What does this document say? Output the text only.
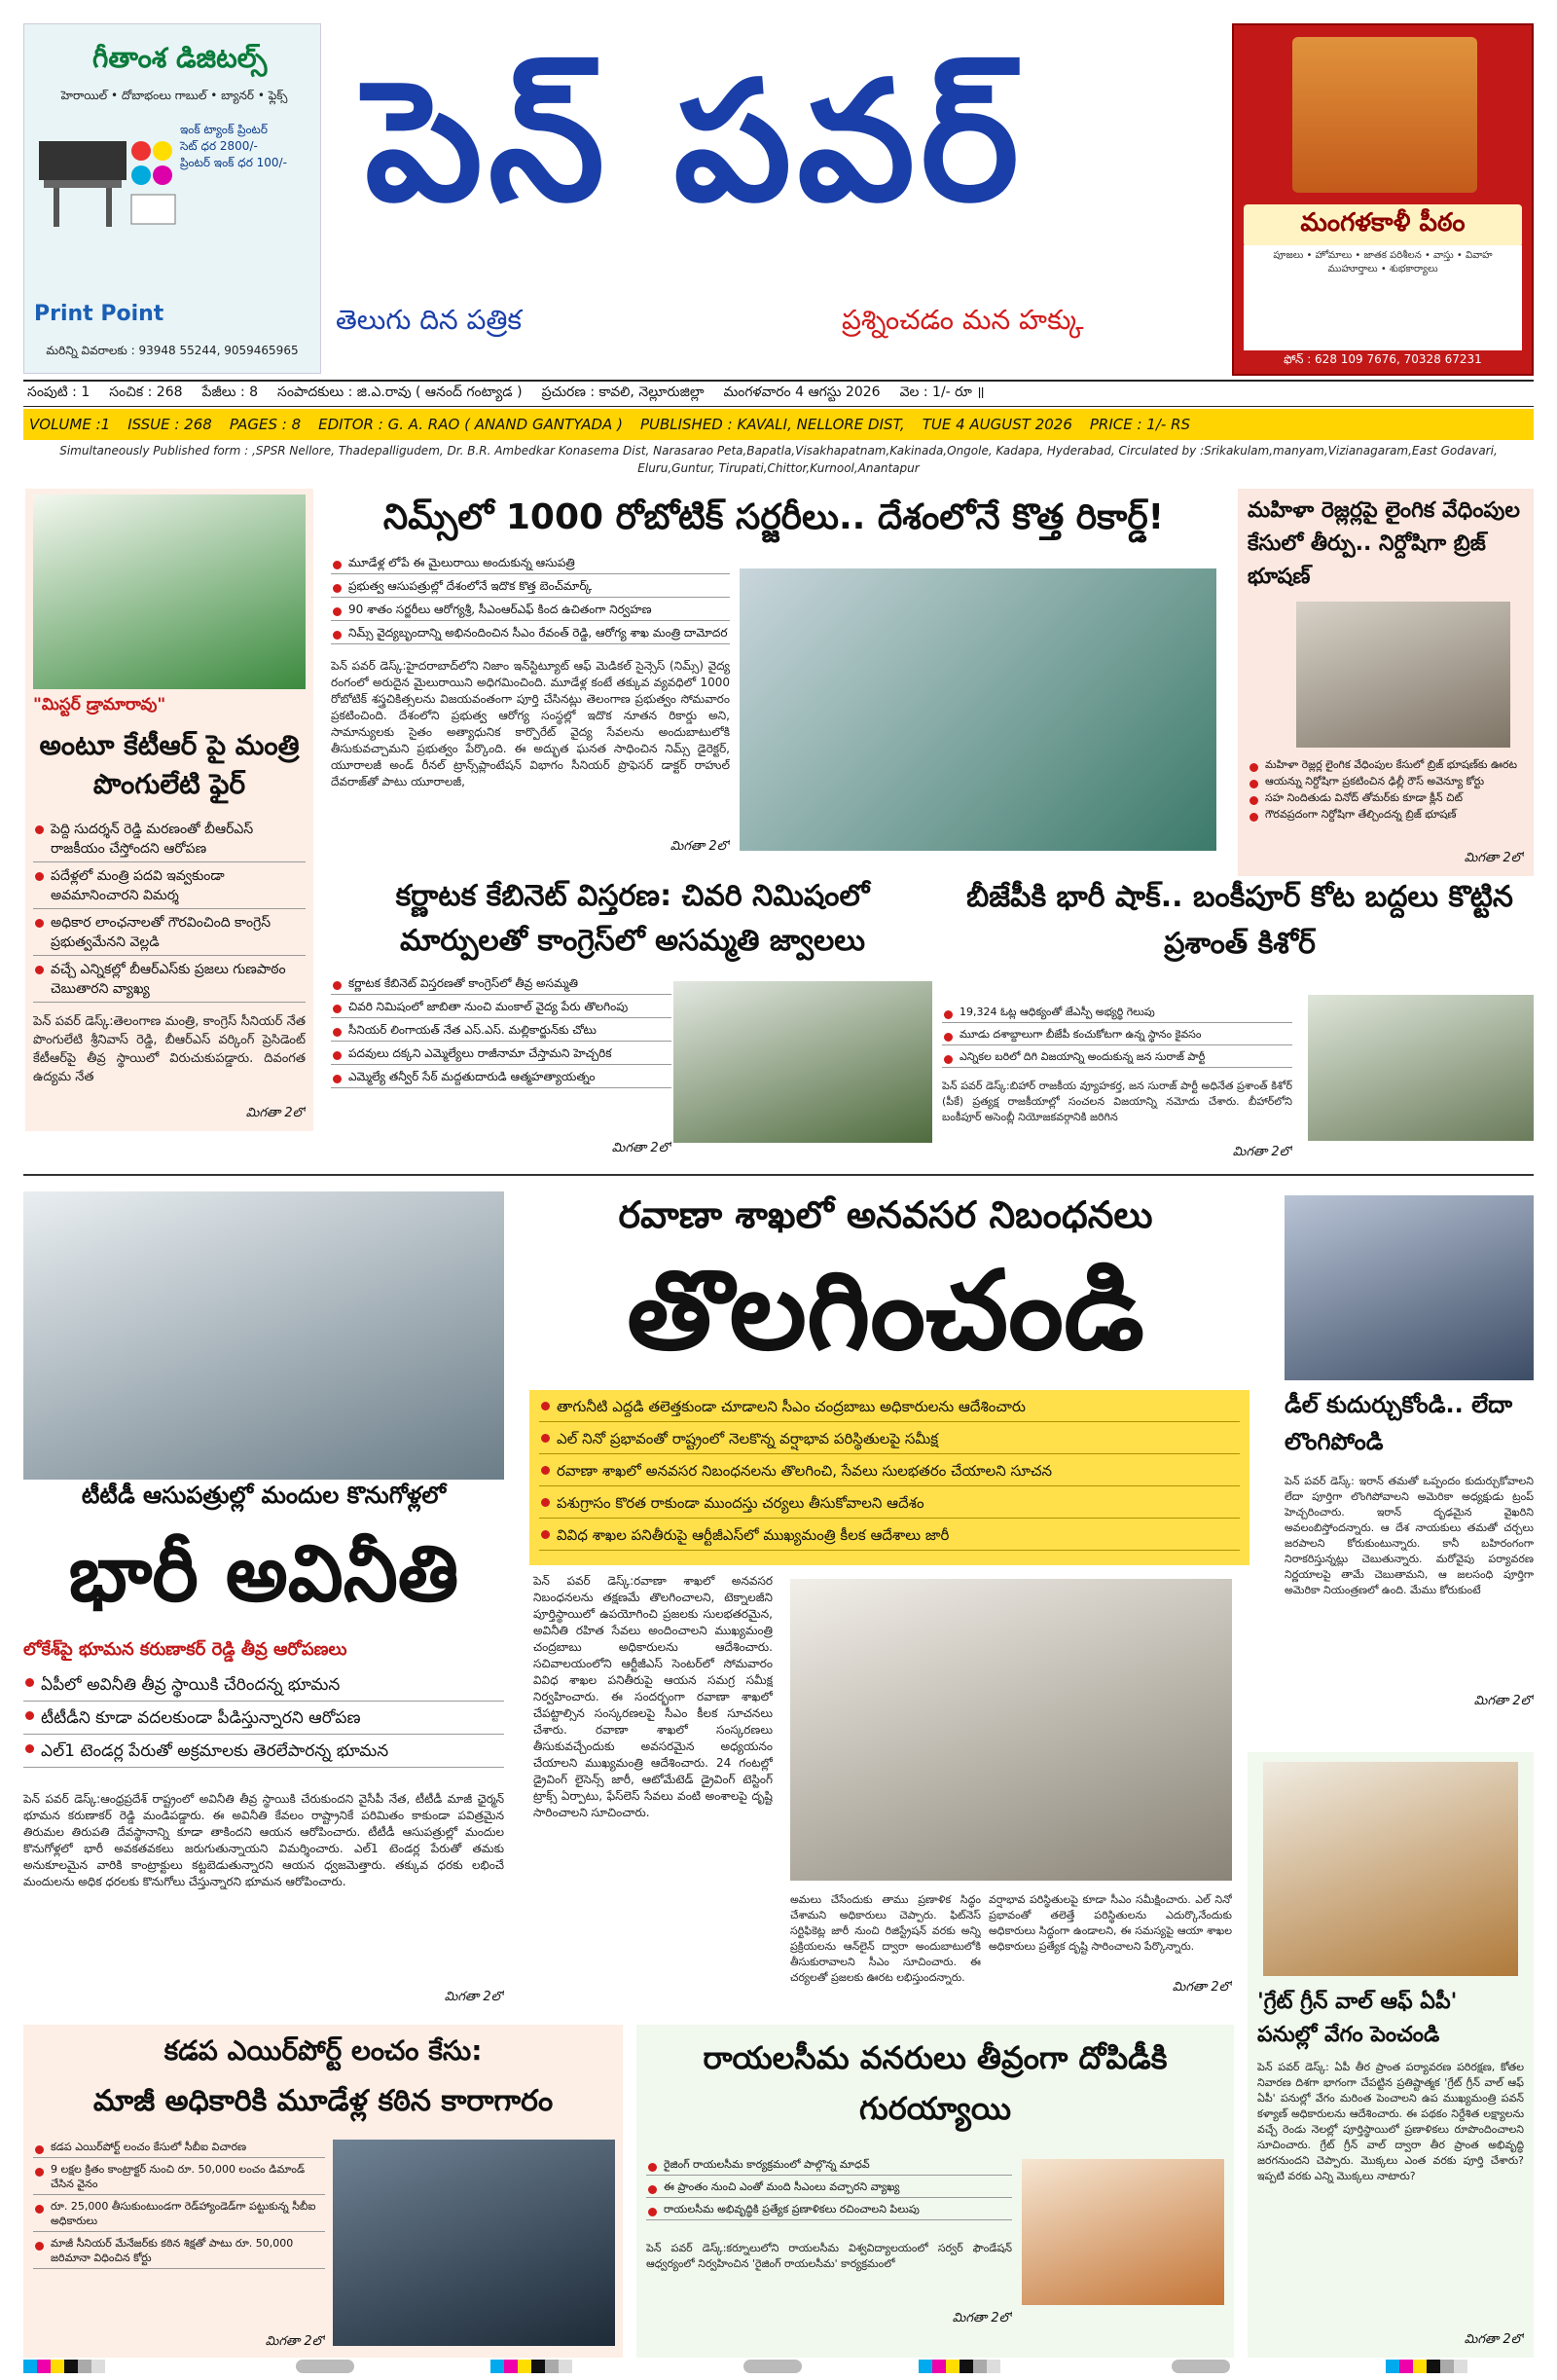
గీతాంశ డిజిటల్స్
హెరాయిల్ • దోబాభంలు గాబుల్ • బ్యానర్ • ఫ్లెక్స్
ఇంక్ ట్యాంక్ ప్రింటర్
సెట్ ధర 2800/-
ప్రింటర్ ఇంక్ ధర 100/-
Print Point
మరిన్ని వివరాలకు : 93948 55244, 9059465965
పెన్ పవర్
తెలుగు దిన పత్రిక	ప్రశ్నించడం మన హక్కు
మంగళకాళీ పీఠం
పూజలు • హోమాలు • జాతక పరిశీలన • వాస్తు • వివాహ ముహూర్తాలు • శుభకార్యాలు
ఫోన్ : 628 109 7676, 70328 67231
సంపుటి : 1 సంచిక : 268 పేజీలు : 8 సంపాదకులు : జి.ఎ.రావు ( ఆనంద్ గంట్యాడ ) ప్రచురణ : కావలి, నెల్లూరుజిల్లా మంగళవారం 4 ఆగస్టు 2026 వెల : 1/- రూ ॥
VOLUME :1 ISSUE : 268 PAGES : 8 EDITOR : G. A. RAO ( ANAND GANTYADA ) PUBLISHED : KAVALI, NELLORE DIST, TUE 4 AUGUST 2026 PRICE : 1/- RS
Simultaneously Published form : ,SPSR Nellore, Thadepalligudem, Dr. B.R. Ambedkar Konasema Dist, Narasarao Peta,Bapatla,Visakhapatnam,Kakinada,Ongole, Kadapa, Hyderabad, Circulated by :Srikakulam,manyam,Vizianagaram,East Godavari, Eluru,Guntur, Tirupati,Chittor,Kurnool,Anantapur
"మిస్టర్ డ్రామారావు"
అంటూ కేటీఆర్ పై మంత్రి పొంగులేటి ఫైర్
పెద్ది సుదర్శన్ రెడ్డి మరణంతో బీఆర్ఎస్ రాజకీయం చేస్తోందని ఆరోపణ
పదేళ్లలో మంత్రి పదవి ఇవ్వకుండా అవమానించారని విమర్శ
అధికార లాంఛనాలతో గౌరవించింది కాంగ్రెస్ ప్రభుత్వమేనని వెల్లడి
వచ్చే ఎన్నికల్లో బీఆర్ఎస్‌కు ప్రజలు గుణపాఠం చెబుతారని వ్యాఖ్య
పెన్ పవర్ డెస్క్:తెలంగాణ మంత్రి, కాంగ్రెస్ సీనియర్ నేత పొంగులేటి శ్రీనివాస్ రెడ్డి, బీఆర్ఎస్ వర్కింగ్ ప్రెసిడెంట్ కేటీఆర్‌పై తీవ్ర స్థాయిలో విరుచుకుపడ్డారు. దివంగత ఉద్యమ నేత
మిగతా 2లో
నిమ్స్‌లో 1000 రోబోటిక్ సర్జరీలు.. దేశంలోనే కొత్త రికార్డ్!
మూడేళ్ల లోపే ఈ మైలురాయి అందుకున్న ఆసుపత్రి
ప్రభుత్వ ఆసుపత్రుల్లో దేశంలోనే ఇదొక కొత్త బెంచ్‌మార్క్
90 శాతం సర్జరీలు ఆరోగ్యశ్రీ, సీఎంఆర్ఎఫ్ కింద ఉచితంగా నిర్వహణ
నిమ్స్ వైద్యబృందాన్ని అభినందించిన సీఎం రేవంత్ రెడ్డి, ఆరోగ్య శాఖ మంత్రి దామోదర
పెన్ పవర్ డెస్క్:హైదరాబాద్‌లోని నిజాం ఇన్‌స్టిట్యూట్ ఆఫ్ మెడికల్ సైన్సెస్ (నిమ్స్) వైద్య రంగంలో అరుదైన మైలురాయిని అధిగమించింది. మూడేళ్ల కంటే తక్కువ వ్యవధిలో 1000 రోబోటిక్ శస్త్రచికిత్సలను విజయవంతంగా పూర్తి చేసినట్లు తెలంగాణ ప్రభుత్వం సోమవారం ప్రకటించింది. దేశంలోని ప్రభుత్వ ఆరోగ్య సంస్థల్లో ఇదొక నూతన రికార్డు అని, సామాన్యులకు సైతం అత్యాధునిక కార్పొరేట్ వైద్య సేవలను అందుబాటులోకి తీసుకువచ్చామని ప్రభుత్వం పేర్కొంది. ఈ అద్భుత ఘనత సాధించిన నిమ్స్ డైరెక్టర్, యూరాలజీ అండ్ రీనల్ ట్రాన్స్‌ప్లాంటేషన్ విభాగం సీనియర్ ప్రొఫెసర్ డాక్టర్ రాహుల్ దేవరాజ్‌తో పాటు యూరాలజీ,
మిగతా 2లో
మహిళా రెజ్లర్లపై లైంగిక వేధింపుల కేసులో తీర్పు.. నిర్దోషిగా బ్రిజ్ భూషణ్
మహిళా రెజ్లర్ల లైంగిక వేధింపుల కేసులో బ్రిజ్ భూషణ్‌కు ఊరట
ఆయన్ను నిర్దోషిగా ప్రకటించిన ఢిల్లీ రౌస్ అవెన్యూ కోర్టు
సహ నిందితుడు వినోద్ తోమర్‌కు కూడా క్లీన్ చిట్
గౌరవప్రదంగా నిర్దోషిగా తేల్చిందన్న బ్రిజ్ భూషణ్
మిగతా 2లో
కర్ణాటక కేబినెట్ విస్తరణ: చివరి నిమిషంలో మార్పులతో కాంగ్రెస్‌లో అసమ్మతి జ్వాలలు
కర్ణాటక కేబినెట్ విస్తరణతో కాంగ్రెస్‌లో తీవ్ర అసమ్మతి
చివరి నిమిషంలో జాబితా నుంచి మంకాల్ వైద్య పేరు తొలగింపు
సీనియర్ లింగాయత్ నేత ఎస్.ఎస్. మల్లికార్జున్‌కు చోటు
పదవులు దక్కని ఎమ్మెల్యేలు రాజీనామా చేస్తామని హెచ్చరిక
ఎమ్మెల్యే తన్వీర్ సేఠ్ మద్దతుదారుడి ఆత్మహత్యాయత్నం
మిగతా 2లో
బీజేపీకి భారీ షాక్.. బంకీపూర్ కోట బద్దలు కొట్టిన ప్రశాంత్ కిశోర్
19,324 ఓట్ల ఆధిక్యంతో జేఎస్పీ అభ్యర్థి గెలుపు
మూడు దశాబ్దాలుగా బీజేపీ కంచుకోటగా ఉన్న స్థానం కైవసం
ఎన్నికల బరిలో దిగి విజయాన్ని అందుకున్న జన సురాజ్ పార్టీ
పెన్ పవర్ డెస్క్:బిహార్ రాజకీయ వ్యూహకర్త, జన సురాజ్ పార్టీ అధినేత ప్రశాంత్ కిశోర్ (పీకే) ప్రత్యక్ష రాజకీయాల్లో సంచలన విజయాన్ని నమోదు చేశారు. బీహార్‌లోని బంకీపూర్ అసెంబ్లీ నియోజకవర్గానికి జరిగిన
మిగతా 2లో
టీటీడీ ఆసుపత్రుల్లో మందుల కొనుగోళ్లలో
భారీ అవినీతి
లోకేశ్‌పై భూమన కరుణాకర్ రెడ్డి తీవ్ర ఆరోపణలు
ఏపీలో అవినీతి తీవ్ర స్థాయికి చేరిందన్న భూమన
టీటీడీని కూడా వదలకుండా పీడిస్తున్నారని ఆరోపణ
ఎల్1 టెండర్ల పేరుతో అక్రమాలకు తెరలేపారన్న భూమన
పెన్ పవర్ డెస్క్:ఆంధ్రప్రదేశ్ రాష్ట్రంలో అవినీతి తీవ్ర స్థాయికి చేరుకుందని వైసీపీ నేత, టీటీడీ మాజీ ఛైర్మన్ భూమన కరుణాకర్ రెడ్డి మండిపడ్డారు. ఈ అవినీతి కేవలం రాష్ట్రానికే పరిమితం కాకుండా పవిత్రమైన తిరుమల తిరుపతి దేవస్థానాన్ని కూడా తాకిందని ఆయన ఆరోపించారు. టీటీడీ ఆసుపత్రుల్లో మందుల కొనుగోళ్లలో భారీ అవకతవకలు జరుగుతున్నాయని విమర్శించారు. ఎల్1 టెండర్ల పేరుతో తమకు అనుకూలమైన వారికి కాంట్రాక్టులు కట్టబెడుతున్నారని ఆయన ధ్వజమెత్తారు. తక్కువ ధరకు లభించే మందులను అధిక ధరలకు కొనుగోలు చేస్తున్నారని భూమన ఆరోపించారు.
మిగతా 2లో
రవాణా శాఖలో అనవసర నిబంధనలు
తొలగించండి
తాగునీటి ఎద్దడి తలెత్తకుండా చూడాలని సీఎం చంద్రబాబు అధికారులను ఆదేశించారు
ఎల్ నినో ప్రభావంతో రాష్ట్రంలో నెలకొన్న వర్షాభావ పరిస్థితులపై సమీక్ష
రవాణా శాఖలో అనవసర నిబంధనలను తొలగించి, సేవలు సులభతరం చేయాలని సూచన
పశుగ్రాసం కొరత రాకుండా ముందస్తు చర్యలు తీసుకోవాలని ఆదేశం
వివిధ శాఖల పనితీరుపై ఆర్టీజీఎస్‌లో ముఖ్యమంత్రి కీలక ఆదేశాలు జారీ
పెన్ పవర్ డెస్క్:రవాణా శాఖలో అనవసర నిబంధనలను తక్షణమే తొలగించాలని, టెక్నాలజీని పూర్తిస్థాయిలో ఉపయోగించి ప్రజలకు సులభతరమైన, అవినీతి రహిత సేవలు అందించాలని ముఖ్యమంత్రి చంద్రబాబు అధికారులను ఆదేశించారు. సచివాలయంలోని ఆర్టీజీఎస్ సెంటర్‌లో సోమవారం వివిధ శాఖల పనితీరుపై ఆయన సమగ్ర సమీక్ష నిర్వహించారు. ఈ సందర్భంగా రవాణా శాఖలో చేపట్టాల్సిన సంస్కరణలపై సీఎం కీలక సూచనలు చేశారు. రవాణా శాఖలో సంస్కరణలు తీసుకువచ్చేందుకు అవసరమైన అధ్యయనం చేయాలని ముఖ్యమంత్రి ఆదేశించారు. 24 గంటల్లో డ్రైవింగ్ లైసెన్స్ జారీ, ఆటోమేటెడ్ డ్రైవింగ్ టెస్టింగ్ ట్రాక్స్ ఏర్పాటు, ఫేస్‌లెస్ సేవలు వంటి అంశాలపై దృష్టి సారించాలని సూచించారు.
అమలు చేసేందుకు తాము ప్రణాళిక సిద్ధం చేశామని అధికారులు చెప్పారు. ఫిట్‌నెస్ సర్టిఫికెట్ల జారీ నుంచి రిజిస్ట్రేషన్ వరకు అన్ని ప్రక్రియలను ఆన్‌లైన్ ద్వారా అందుబాటులోకి తీసుకురావాలని సీఎం సూచించారు. ఈ చర్యలతో ప్రజలకు ఊరట లభిస్తుందన్నారు.
వర్షాభావ పరిస్థితులపై కూడా సీఎం సమీక్షించారు. ఎల్ నినో ప్రభావంతో తలెత్తే పరిస్థితులను ఎదుర్కొనేందుకు అధికారులు సిద్ధంగా ఉండాలని, ఈ సమస్యపై ఆయా శాఖల అధికారులు ప్రత్యేక దృష్టి సారించాలని పేర్కొన్నారు.
మిగతా 2లో
డీల్ కుదుర్చుకోండి.. లేదా లొంగిపోండి
పెన్ పవర్ డెస్క్: ఇరాన్ తమతో ఒప్పందం కుదుర్చుకోవాలని లేదా పూర్తిగా లొంగిపోవాలని అమెరికా అధ్యక్షుడు ట్రంప్ హెచ్చరించారు. ఇరాన్ దృఢమైన వైఖరిని అవలంబిస్తోందన్నారు. ఆ దేశ నాయకులు తమతో చర్చలు జరపాలని కోరుకుంటున్నారు. కానీ బహిరంగంగా నిరాకరిస్తున్నట్లు చెబుతున్నారు. మరోవైపు పర్యావరణ నిర్ణయాలపై తామే చెబుతామని, ఆ జలసంధి పూర్తిగా అమెరికా నియంత్రణలో ఉంది. మేము కోరుకుంటే
మిగతా 2లో
'గ్రేట్ గ్రీన్ వాల్ ఆఫ్ ఏపీ' పనుల్లో వేగం పెంచండి
పెన్ పవర్ డెస్క్: ఏపీ తీర ప్రాంత పర్యావరణ పరిరక్షణ, కోతల నివారణ దిశగా భాగంగా చేపట్టిన ప్రతిష్టాత్మక 'గ్రేట్ గ్రీన్ వాల్ ఆఫ్ ఏపీ' పనుల్లో వేగం మరింత పెంచాలని ఉప ముఖ్యమంత్రి పవన్ కళ్యాణ్ అధికారులను ఆదేశించారు. ఈ పథకం నిర్దేశిత లక్ష్యాలను వచ్చే రెండు నెలల్లో పూర్తిస్థాయిలో ప్రణాళికలు రూపొందించాలని సూచించారు. గ్రేట్ గ్రీన్ వాల్ ద్వారా తీర ప్రాంత అభివృద్ధి జరగనుందని చెప్పారు. మొక్కలు ఎంత వరకు పూర్తి చేశారు? ఇప్పటి వరకు ఎన్ని మొక్కలు నాటారు?
మిగతా 2లో
కడప ఎయిర్‌పోర్ట్ లంచం కేసు:
మాజీ అధికారికి మూడేళ్ల కఠిన కారాగారం
కడప ఎయిర్‌పోర్ట్ లంచం కేసులో సీబీఐ విచారణ
9 లక్షల క్రితం కాంట్రాక్టర్ నుంచి రూ. 50,000 లంచం డిమాండ్ చేసిన వైనం
రూ. 25,000 తీసుకుంటుండగా రెడ్‌హ్యాండెడ్‌గా పట్టుకున్న సీబీఐ అధికారులు
మాజీ సీనియర్ మేనేజర్‌కు కఠిన శిక్షతో పాటు రూ. 50,000 జరిమానా విధించిన కోర్టు
మిగతా 2లో
రాయలసీమ వనరులు తీవ్రంగా దోపిడీకి గురయ్యాయి
రైజింగ్ రాయలసీమ కార్యక్రమంలో పాల్గొన్న మాధవ్
ఈ ప్రాంతం నుంచి ఎంతో మంది సీఎంలు వచ్చారని వ్యాఖ్య
రాయలసీమ అభివృద్ధికి ప్రత్యేక ప్రణాళికలు రచించాలని పిలుపు
పెన్ పవర్ డెస్క్:కర్నూలులోని రాయలసీమ విశ్వవిద్యాలయంలో సర్వర్ ఫౌండేషన్ ఆధ్వర్యంలో నిర్వహించిన 'రైజింగ్ రాయలసీమ' కార్యక్రమంలో
మిగతా 2లో
